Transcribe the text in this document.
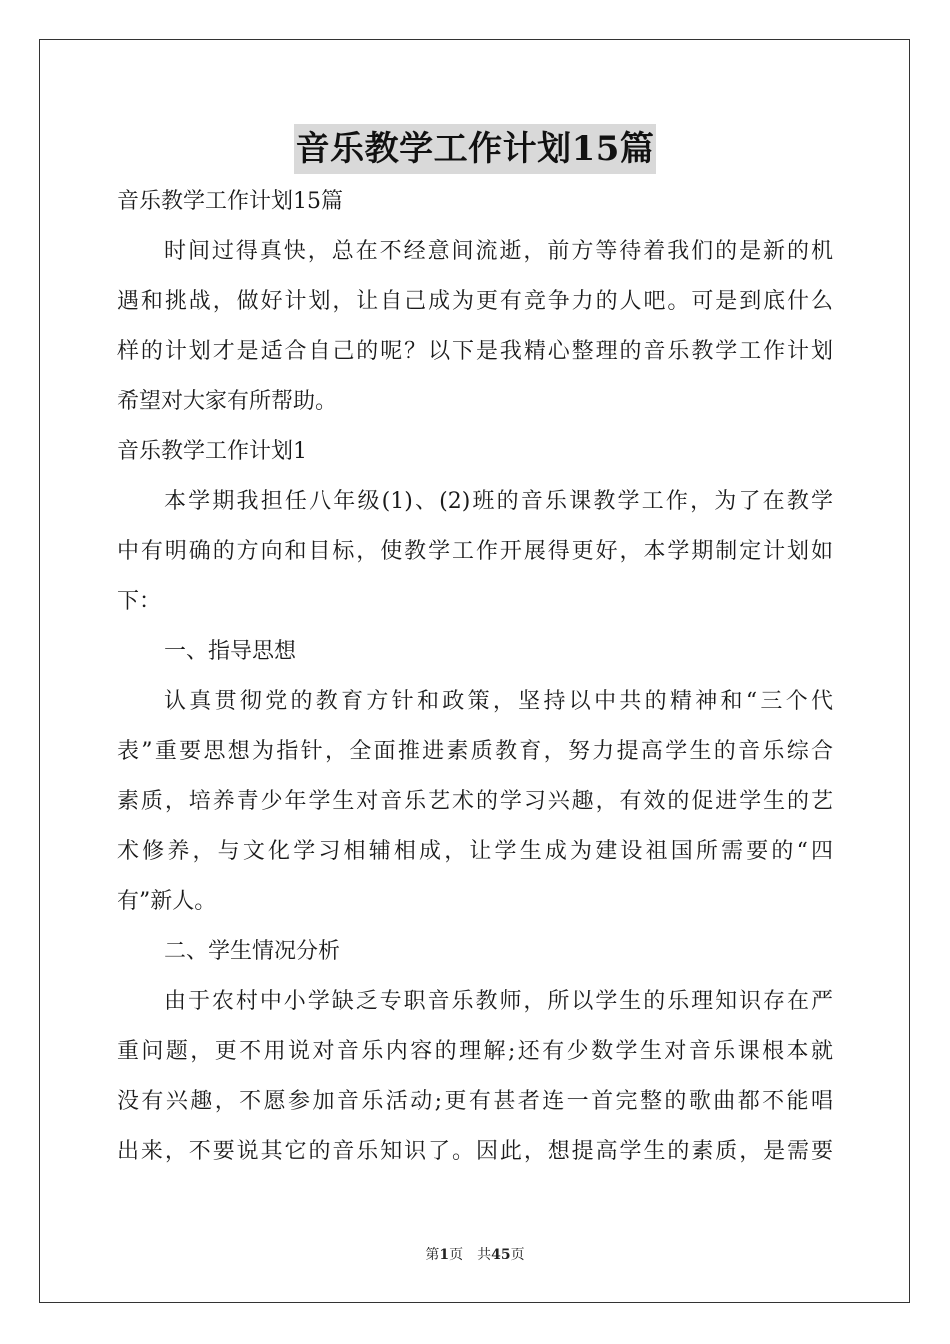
音乐教学工作计划15篇
音乐教学工作计划15篇
时间过得真快，总在不经意间流逝，前方等待着我们的是新的机
遇和挑战，做好计划，让自己成为更有竞争力的人吧。可是到底什么
样的计划才是适合自己的呢？以下是我精心整理的音乐教学工作计划
希望对大家有所帮助。
音乐教学工作计划1
本学期我担任八年级(1)、(2)班的音乐课教学工作，为了在教学
中有明确的方向和目标，使教学工作开展得更好，本学期制定计划如
下：
一、指导思想
认真贯彻党的教育方针和政策，坚持以中共的精神和“三个代
表”重要思想为指针，全面推进素质教育，努力提高学生的音乐综合
素质，培养青少年学生对音乐艺术的学习兴趣，有效的促进学生的艺
术修养，与文化学习相辅相成，让学生成为建设祖国所需要的“四
有”新人。
二、学生情况分析
由于农村中小学缺乏专职音乐教师，所以学生的乐理知识存在严
重问题，更不用说对音乐内容的理解;还有少数学生对音乐课根本就
没有兴趣，不愿参加音乐活动;更有甚者连一首完整的歌曲都不能唱
出来，不要说其它的音乐知识了。因此，想提高学生的素质，是需要
第1页　共45页
